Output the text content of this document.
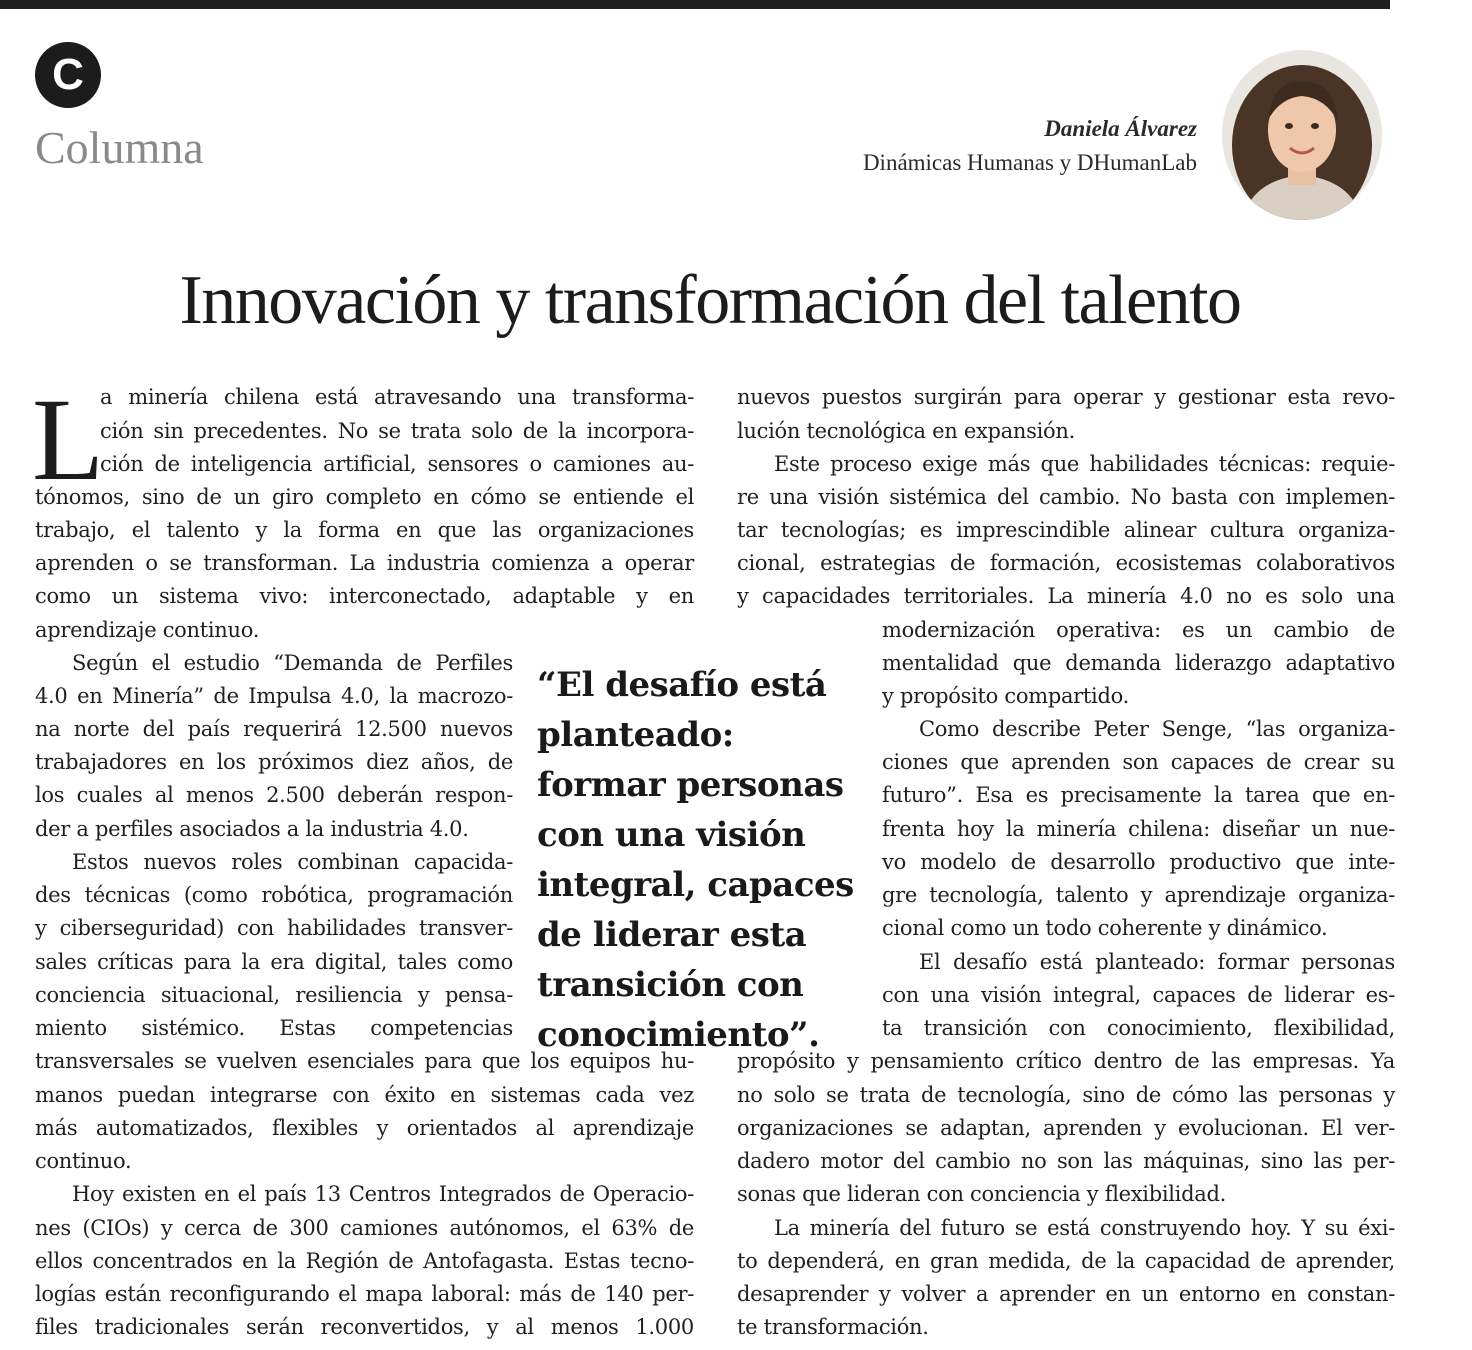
C
Columna	Daniela Álvarez
Dinámicas Humanas y DHumanLab
Innovación y transformación del talento
L
a minería chilena está atravesando una transforma-
ción sin precedentes. No se trata solo de la incorpora-
ción de inteligencia artificial, sensores o camiones au-
tónomos, sino de un giro completo en cómo se entiende el
trabajo, el talento y la forma en que las organizaciones
aprenden o se transforman. La industria comienza a operar
como un sistema vivo: interconectado, adaptable y en
aprendizaje continuo.
Según el estudio “Demanda de Perfiles
4.0 en Minería” de Impulsa 4.0, la macrozo-
na norte del país requerirá 12.500 nuevos
trabajadores en los próximos diez años, de
los cuales al menos 2.500 deberán respon-
der a perfiles asociados a la industria 4.0.
Estos nuevos roles combinan capacida-
des técnicas (como robótica, programación
y ciberseguridad) con habilidades transver-
sales críticas para la era digital, tales como
conciencia situacional, resiliencia y pensa-
miento sistémico. Estas competencias
transversales se vuelven esenciales para que los equipos hu-
manos puedan integrarse con éxito en sistemas cada vez
más automatizados, flexibles y orientados al aprendizaje
continuo.
Hoy existen en el país 13 Centros Integrados de Operacio-
nes (CIOs) y cerca de 300 camiones autónomos, el 63% de
ellos concentrados en la Región de Antofagasta. Estas tecno-
logías están reconfigurando el mapa laboral: más de 140 per-
files tradicionales serán reconvertidos, y al menos 1.000
“El desafío está planteado: formar personas con una visión integral, capaces de liderar esta transición con conocimiento”.
nuevos puestos surgirán para operar y gestionar esta revo-
lución tecnológica en expansión.
Este proceso exige más que habilidades técnicas: requie-
re una visión sistémica del cambio. No basta con implemen-
tar tecnologías; es imprescindible alinear cultura organiza-
cional, estrategias de formación, ecosistemas colaborativos
y capacidades territoriales. La minería 4.0 no es solo una
modernización operativa: es un cambio de
mentalidad que demanda liderazgo adaptativo
y propósito compartido.
Como describe Peter Senge, “las organiza-
ciones que aprenden son capaces de crear su
futuro”. Esa es precisamente la tarea que en-
frenta hoy la minería chilena: diseñar un nue-
vo modelo de desarrollo productivo que inte-
gre tecnología, talento y aprendizaje organiza-
cional como un todo coherente y dinámico.
El desafío está planteado: formar personas
con una visión integral, capaces de liderar es-
ta transición con conocimiento, flexibilidad,
propósito y pensamiento crítico dentro de las empresas. Ya
no solo se trata de tecnología, sino de cómo las personas y
organizaciones se adaptan, aprenden y evolucionan. El ver-
dadero motor del cambio no son las máquinas, sino las per-
sonas que lideran con conciencia y flexibilidad.
La minería del futuro se está construyendo hoy. Y su éxi-
to dependerá, en gran medida, de la capacidad de aprender,
desaprender y volver a aprender en un entorno en constan-
te transformación.
